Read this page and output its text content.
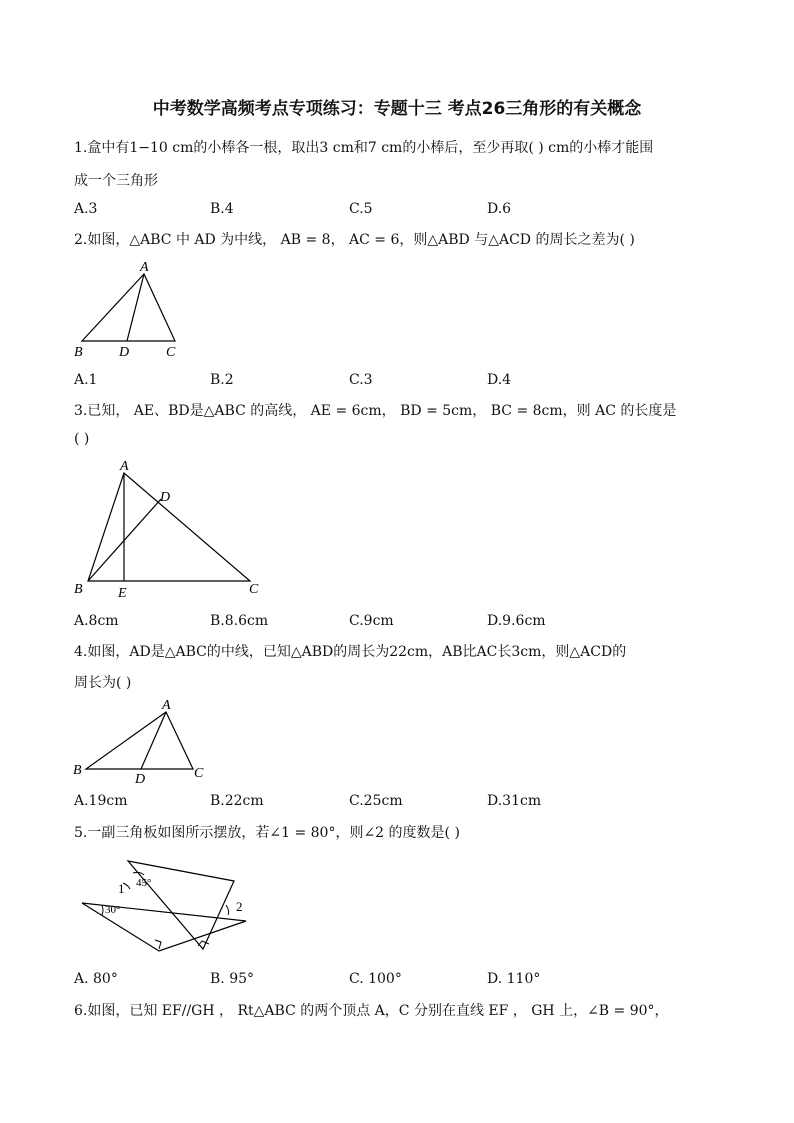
中考数学高频考点专项练习：专题十三 考点26三角形的有关概念
1.盒中有1−10 cm的小棒各一根，取出3 cm和7 cm的小棒后，至少再取( ) cm的小棒才能围
成一个三角形
A.3	B.4	C.5	D.6
2.如图，△ABC 中 AD 为中线， AB = 8， AC = 6，则△ABD 与△ACD 的周长之差为( )
A
B	D	C
A.1	B.2	C.3	D.4
3.已知， AE、BD是△ABC 的高线， AE = 6cm， BD = 5cm， BC = 8cm，则 AC 的长度是
( )
A
D
B	E	C
A.8cm	B.8.6cm	C.9cm	D.9.6cm
4.如图，AD是△ABC的中线，已知△ABD的周长为22cm，AB比AC长3cm，则△ACD的
周长为( )
A
B
D	C
A.19cm	B.22cm	C.25cm	D.31cm
5.一副三角板如图所示摆放，若∠1 = 80°，则∠2 的度数是( )
1 45°
30°	2
A. 80°	B. 95°	C. 100°	D. 110°
6.如图，已知 EF//GH ， Rt△ABC 的两个顶点 A，C 分别在直线 EF ， GH 上，∠B = 90°，
